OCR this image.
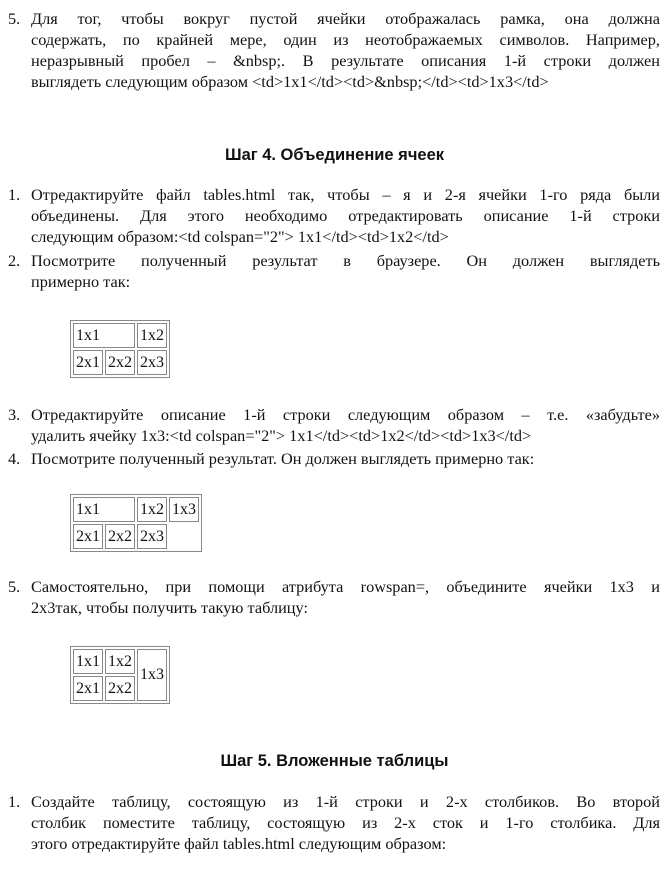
5. Для тог, чтобы вокруг пустой ячейки отображалась рамка, она должна
содержать, по крайней мере, один из неотображаемых символов. Например,
неразрывный пробел – &nbsp;. В результате описания 1-й строки должен
выглядеть следующим образом <td>1x1</td><td>&nbsp;</td><td>1x3</td>
Шаг 4. Объединение ячеек
1. Отредактируйте файл tables.html так, чтобы – я и 2-я ячейки 1-го ряда были
объединены. Для этого необходимо отредактировать описание 1-й строки
следующим образом:<td colspan="2"> 1x1</td><td>1x2</td>
2. Посмотрите полученный результат в браузере. Он должен выглядеть
примерно так:
1x1		1x2
2x1	2x2	2x3
3. Отредактируйте описание 1-й строки следующим образом – т.е. «забудьте»
удалить ячейку 1x3:<td colspan="2"> 1x1</td><td>1x2</td><td>1x3</td>
4. Посмотрите полученный результат. Он должен выглядеть примерно так:
1x1		1x2	1x3
2x1	2x2	2x3	
5. Самостоятельно, при помощи атрибута rowspan=, объедините ячейки 1x3 и
2x3так, чтобы получить такую таблицу:
1x1	1x2	1x3
2x1	2x2	
Шаг 5. Вложенные таблицы
1. Создайте таблицу, состоящую из 1-й строки и 2-х столбиков. Во второй
столбик поместите таблицу, состоящую из 2-х сток и 1-го столбика. Для
этого отредактируйте файл tables.html следующим образом:
